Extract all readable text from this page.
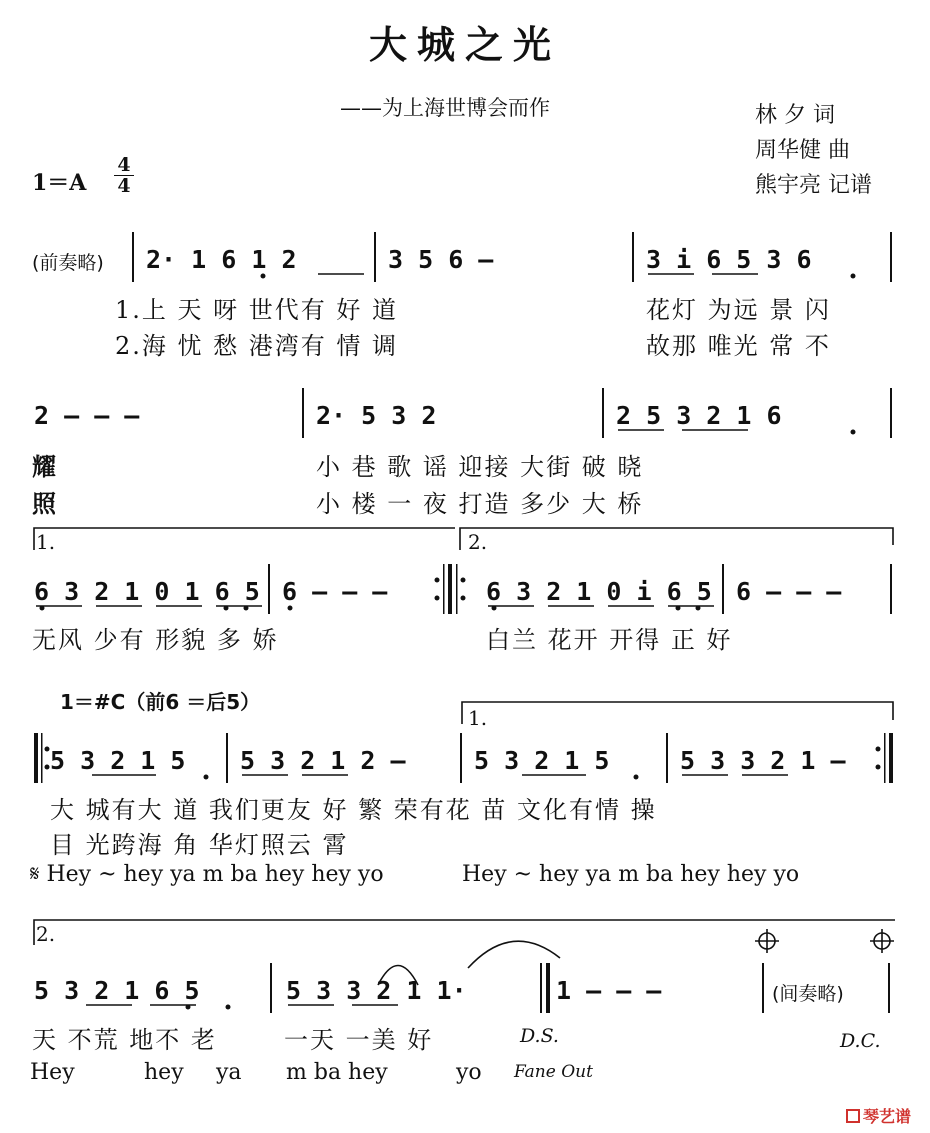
大城之光
——为上海世博会而作	林 夕 词
周华健 曲
熊宇亮 记谱
1＝A
4
4
(前奏略) 2· 1 6 1 2	3 5 6 –	3 i 6 5 3 6
1.上 天 呀 世代有 好 道	花灯 为远 景 闪
2.海 忧 愁 港湾有 情 调	故那 唯光 常 不
2 – – –	2· 5 3 2	2 5 3 2 1 6
耀	小 巷 歌 谣 迎接 大街 破 晓
照	小 楼 一 夜 打造 多少 大 桥
1.	2.
6 3 2 1 0 1 6 5 6 – – –	6 3 2 1 0 i 6 5 6 – – –
无风 少有 形貌 多 娇	白兰 花开 开得 正 好
1＝#C（前6 ＝后5）
1.
5 3 2 1 5 5 3 2 1 2 –	5 3 2 1 5	5 3 3 2 1 –
大 城有大 道 我们更友 好 繁 荣有花 苗 文化有情 操
目 光跨海 角 华灯照云 霄
𝄋 Hey ~ hey ya m ba hey hey yo	Hey ~ hey ya m ba hey hey yo
2.
5 3 2 1 6 5	5 3 3 2 1 1·	1 – – –	(间奏略)
天 不荒 地不 老	一天 一美 好	D.S.	D.C.
Hey	hey ya m ba hey	yo Fane Out
琴艺谱
